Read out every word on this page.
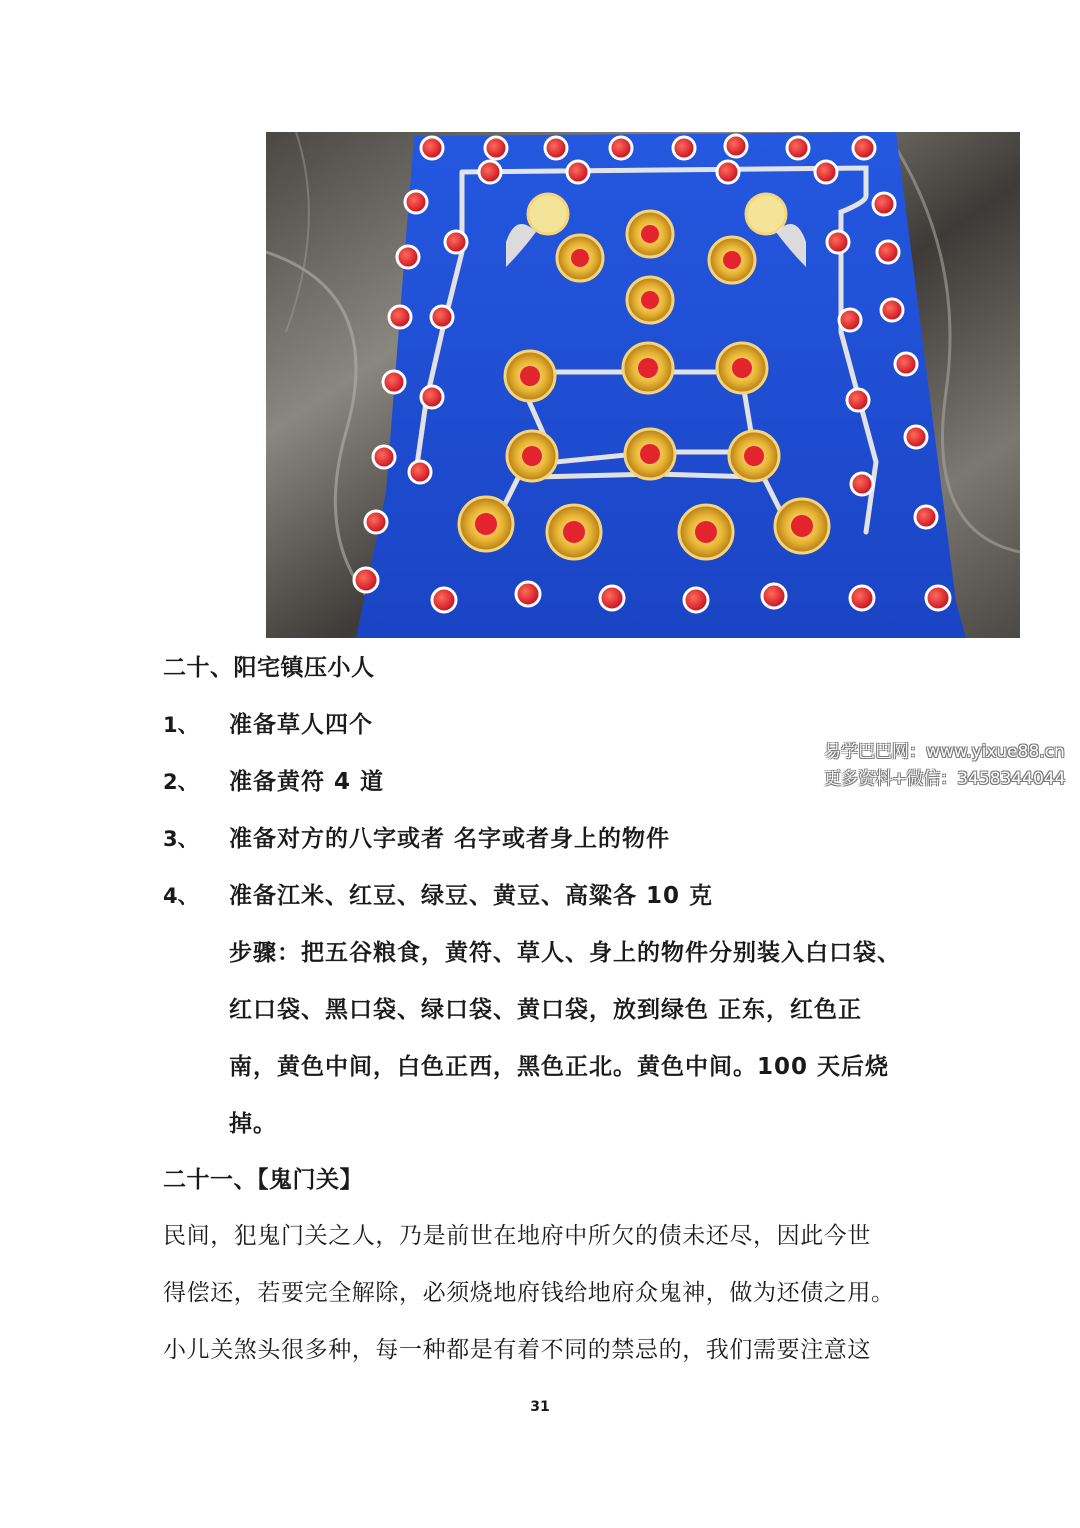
二十、阳宅镇压小人
1、 准备草人四个
2、 准备黄符 4 道
3、 准备对方的八字或者 名字或者身上的物件
4、 准备江米、红豆、绿豆、黄豆、高粱各 10 克
步骤：把五谷粮食，黄符、草人、身上的物件分别装入白口袋、
红口袋、黑口袋、绿口袋、黄口袋，放到绿色 正东，红色正
南，黄色中间，白色正西，黑色正北。黄色中间。100 天后烧
掉。
二十一、【鬼门关】
民间，犯鬼门关之人，乃是前世在地府中所欠的债未还尽，因此今世
得偿还，若要完全解除，必须烧地府钱给地府众鬼神，做为还债之用。
小儿关煞头很多种，每一种都是有着不同的禁忌的，我们需要注意这
易学巴巴网：www.yixue88.cn
更多资料+微信：3458344044
31
